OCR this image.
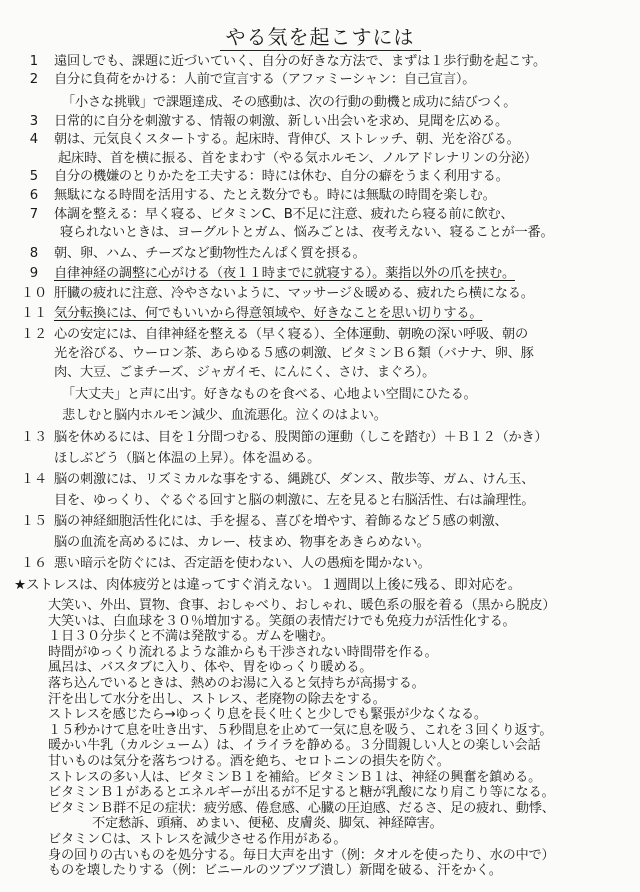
やる気を起こすには
1	遠回しでも、課題に近づいていく、自分の好きな方法で、まずは１歩行動を起こす。
2	自分に負荷をかける：人前で宣言する（アファミーシャン：自己宣言）。
「小さな挑戦」で課題達成、その感動は、次の行動の動機と成功に結びつく。
3	日常的に自分を刺激する、情報の刺激、新しい出会いを求め、見聞を広める。
4	朝は、元気良くスタートする。起床時、背伸び、ストレッチ、朝、光を浴びる。
起床時、首を横に振る、首をまわす（やる気ホルモン、ノルアドレナリンの分泌）
5	自分の機嫌のとりかたを工夫する：時には休む、自分の癖をうまく利用する。
6	無駄になる時間を活用する、たとえ数分でも。時には無駄の時間を楽しむ。
7	体調を整える：早く寝る、ビタミンC、B不足に注意、疲れたら寝る前に飲む、
寝られないときは、ヨーグルトとガム、悩みごとは、夜考えない、寝ることが一番。
8	朝、卵、ハム、チーズなど動物性たんぱく質を摂る。
9	自律神経の調整に心がける（夜１１時までに就寝する）。薬指以外の爪を挟む。
１０ 肝臓の疲れに注意、冷やさないように、マッサージ＆暖める、疲れたら横になる。
１１ 気分転換には、何でもいいから得意領域や、好きなことを思い切りする。
１２ 心の安定には、自律神経を整える（早く寝る）、全体運動、朝晩の深い呼吸、朝の
光を浴びる、ウーロン茶、あらゆる５感の刺激、ビタミンＢ６類（バナナ、卵、豚
肉、大豆、ごまチーズ、ジャガイモ、にんにく、さけ、まぐろ）。
「大丈夫」と声に出す。好きなものを食べる、心地よい空間にひたる。
悲しむと脳内ホルモン減少、血流悪化。泣くのはよい。
１３ 脳を休めるには、目を１分間つむる、股関節の運動（しこを踏む）＋Ｂ１２（かき）
ほしぶどう（脳と体温の上昇）。体を温める。
１４ 脳の刺激には、リズミカルな事をする、縄跳び、ダンス、散歩等、ガム、けん玉、
目を、ゆっくり、ぐるぐる回すと脳の刺激に、左を見ると右脳活性、右は論理性。
１５ 脳の神経細胞活性化には、手を握る、喜びを増やす、着飾るなど５感の刺激、
脳の血流を高めるには、カレー、枝まめ、物事をあきらめない。
１６ 悪い暗示を防ぐには、否定語を使わない、人の愚痴を聞かない。
★ストレスは、肉体疲労とは違ってすぐ消えない。１週間以上後に残る、即対応を。
大笑い、外出、買物、食事、おしゃべり、おしゃれ、暖色系の服を着る（黒から脱皮）
大笑いは、白血球を３０％増加する。笑顔の表情だけでも免疫力が活性化する。
１日３０分歩くと不満は発散する。ガムを噛む。
時間がゆっくり流れるような誰からも干渉されない時間帯を作る。
風呂は、バスタブに入り、体や、胃をゆっくり暖める。
落ち込んでいるときは、熱めのお湯に入ると気持ちが高揚する。
汗を出して水分を出し、ストレス、老廃物の除去をする。
ストレスを感じたら→ゆっくり息を長く吐くと少しでも緊張が少なくなる。
１５秒かけて息を吐き出す、５秒間息を止めて一気に息を吸う、これを３回くり返す。
暖かい牛乳（カルシューム）は、イライラを静める。３分間親しい人との楽しい会話
甘いものは気分を落ちつける。酒を絶ち、セロトニンの損失を防ぐ。
ストレスの多い人は、ビタミンＢ１を補給。ビタミンＢ１は、神経の興奮を鎮める。
ビタミンＢ１があるとエネルギーが出るが不足すると糖が乳酸になり肩こり等になる。
ビタミンＢ群不足の症状：疲労感、倦怠感、心臓の圧迫感、だるさ、足の疲れ、動悸、
不定愁訴、頭痛、めまい、便秘、皮膚炎、脚気、神経障害。
ビタミンＣは、ストレスを減少させる作用がある。
身の回りの古いものを処分する。毎日大声を出す（例：タオルを使ったり、水の中で）
ものを壊したりする（例：ビニールのツブツブ潰し）新聞を破る、汗をかく。
